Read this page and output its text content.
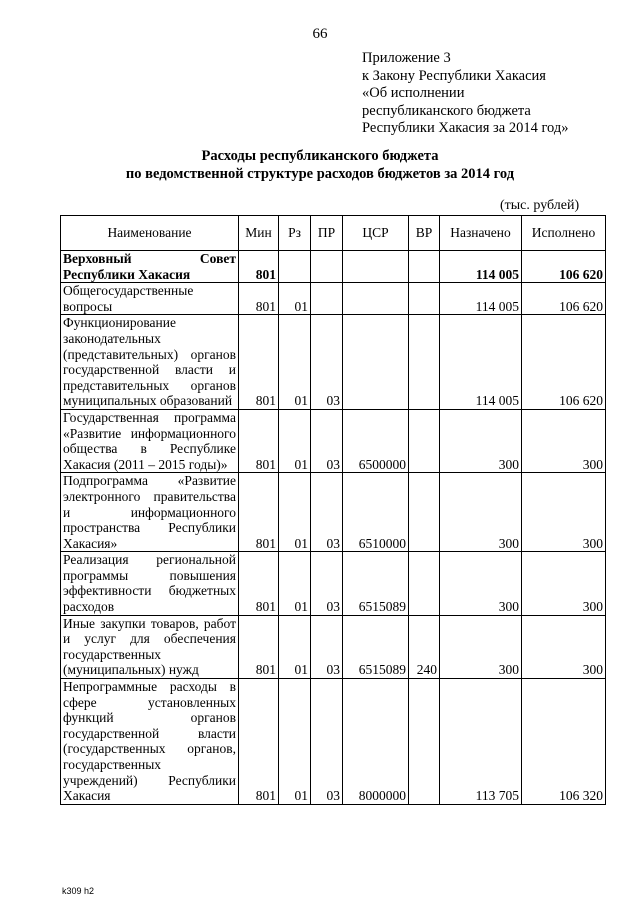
66
Приложение 3
к Закону Республики Хакасия
«Об исполнении
республиканского бюджета
Республики Хакасия за 2014 год»
Расходы республиканского бюджета
по ведомственной структуре расходов бюджетов за 2014 год
(тыс. рублей)
Наименование	Мин	Рз	ПР	ЦСР	ВР	Назначено	Исполнено
Верховный Совет Республики Хакасия	801					114 005	106 620
Общегосударственные вопросы	801	01				114 005	106 620
Функционирование законодательных (представительных) органов государственной власти и представительных органов муниципальных образований	801	01	03			114 005	106 620
Государственная программа «Развитие информационного общества в Республике Хакасия (2011 – 2015 годы)»	801	01	03	6500000		300	300
Подпрограмма «Развитие электронного правительства и информационного пространства Республики Хакасия»	801	01	03	6510000		300	300
Реализация региональной программы повышения эффективности бюджетных расходов	801	01	03	6515089		300	300
Иные закупки товаров, работ и услуг для обеспечения государственных (муниципальных) нужд	801	01	03	6515089	240	300	300
Непрограммные расходы в сфере установленных функций органов государственной власти (государственных органов, государственных учреждений) Республики Хакасия	801	01	03	8000000		113 705	106 320
k309 h2
